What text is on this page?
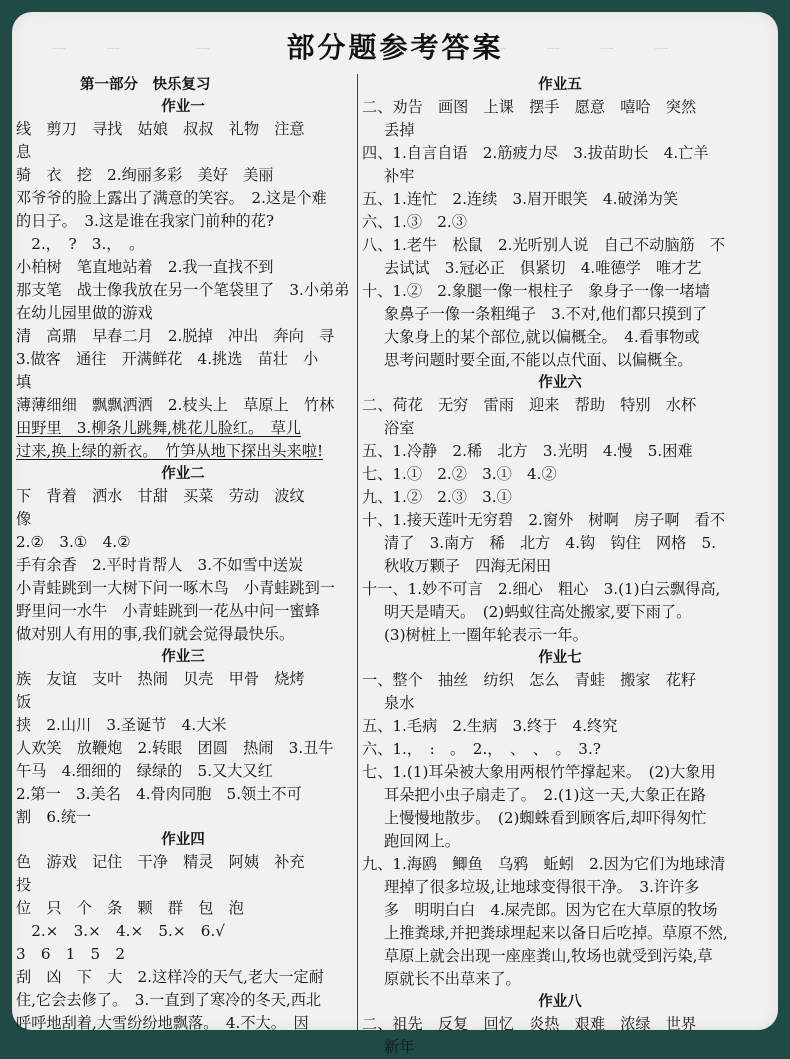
一　　一　　　　一	一　　一　　一　　一
部分题参考答案
第一部分　快乐复习
作业一
线　剪刀　寻找　姑娘　叔叔　礼物　注意
息
骑　衣　挖　2.绚丽多彩　美好　美丽
邓爷爷的脸上露出了满意的笑容。　2.这是个难
的日子。　3.这是谁在我家门前种的花?
　2.，　?　3.，　。
小柏树　笔直地站着　2.我一直找不到
那支笔　战士像我放在另一个笔袋里了　3.小弟弟
在幼儿园里做的游戏
清　高鼎　早春二月　2.脱掉　冲出　奔向　寻
3.做客　通往　开满鲜花　4.挑选　苗壮　小
填
薄薄细细　飘飘洒洒　2.枝头上　草原上　竹林
田野里　3.柳条儿跳舞,桃花儿脸红。　草儿
过来,换上绿的新衣。　竹笋从地下探出头来啦!
作业二
下　背着　洒水　甘甜　买菜　劳动　波纹
像
2.②　3.①　4.②
手有余香　2.平时肯帮人　3.不如雪中送炭
小青蛙跳到一大树下问一啄木鸟　小青蛙跳到一
野里问一水牛　小青蛙跳到一花丛中问一蜜蜂
做对别人有用的事,我们就会觉得最快乐。
作业三
族　友谊　支叶　热闹　贝壳　甲骨　烧烤
饭
挟　2.山川　3.圣诞节　4.大米
人欢笑　放鞭炮　2.转眼　团圆　热闹　3.丑牛
午马　4.细细的　绿绿的　5.又大又红
2.第一　3.美名　4.骨肉同胞　5.领土不可
割　6.统一
作业四
色　游戏　记住　干净　精灵　阿姨　补充
投
位　只　个　条　颗　群　包　泡
　2.×　3.×　4.×　5.×　6.√
3　6　1　5　2
刮　凶　下　大　2.这样冷的天气,老大一定耐
住,它会去修了。　3.一直到了寒冷的冬天,西北
呼呼地刮着,大雪纷纷地飘落。　4.不大。　因
作业五
二、劝告　画图　上课　摆手　愿意　嘻哈　突然
丢掉
四、1.自言自语　2.筋疲力尽　3.拔苗助长　4.亡羊
补牢
五、1.连忙　2.连续　3.眉开眼笑　4.破涕为笑
六、1.③　2.③
八、1.老牛　松鼠　2.光听别人说　自己不动脑筋　不
去试试　3.冠必正　俱紧切　4.唯德学　唯才艺
十、1.②　2.象腿一像一根柱子　象身子一像一堵墙
象鼻子一像一条粗绳子　3.不对,他们都只摸到了
大象身上的某个部位,就以偏概全。　4.看事物或
思考问题时要全面,不能以点代面、以偏概全。
作业六
二、荷花　无穷　雷雨　迎来　帮助　特别　水杯
浴室
五、1.冷静　2.稀　北方　3.光明　4.慢　5.困难
七、1.①　2.②　3.①　4.②
九、1.②　2.③　3.①
十、1.接天莲叶无穷碧　2.窗外　树啊　房子啊　看不
清了　3.南方　稀　北方　4.钩　钩住　网格　5.
秋收万颗子　四海无闲田
十一、1.妙不可言　2.细心　粗心　3.(1)白云飘得高,
明天是晴天。　(2)蚂蚁往高处搬家,要下雨了。
(3)树桩上一圈年轮表示一年。
作业七
一、整个　抽丝　纺织　怎么　青蛙　搬家　花籽
泉水
五、1.毛病　2.生病　3.终于　4.终究
六、1.，　:　。　2.，　、　、　。　3.?
七、1.(1)耳朵被大象用两根竹竿撑起来。　(2)大象用
耳朵把小虫子扇走了。　2.(1)这一天,大象正在路
上慢慢地散步。　(2)蜘蛛看到顾客后,却吓得匆忙
跑回网上。
九、1.海鸥　鲫鱼　乌鸦　蚯蚓　2.因为它们为地球清
理掉了很多垃圾,让地球变得很干净。　3.许许多
多　明明白白　4.屎壳郎。因为它在大草原的牧场
上推粪球,并把粪球埋起来以备日后吃掉。草原不然,
草原上就会出现一座座粪山,牧场也就受到污染,草
原就长不出草来了。
作业八
二、祖先　反复　回忆　炎热　艰难　浓绿　世界
新年
